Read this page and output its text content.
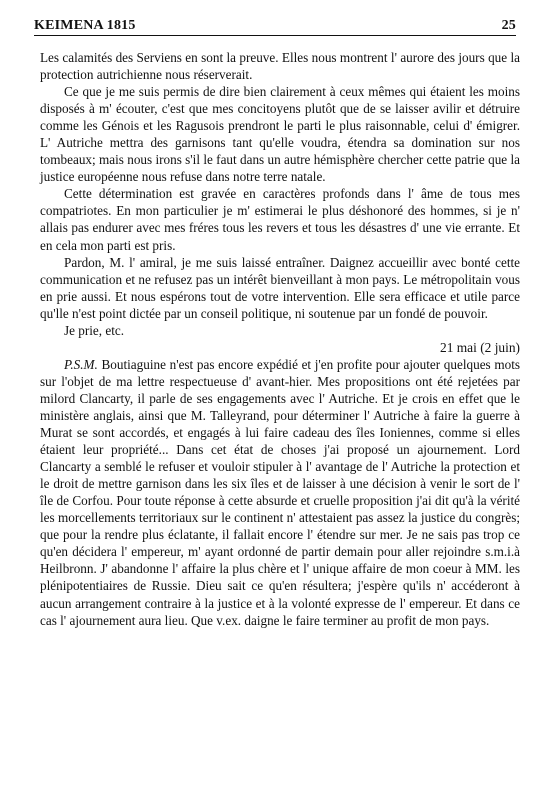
KEIMENA 1815	25

Les calamités des Serviens en sont la preuve. Elles nous montrent l' aurore des jours que la protection autrichienne nous réserverait.

Ce que je me suis permis de dire bien clairement à ceux mêmes qui étaient les moins disposés à m' écouter, c'est que mes concitoyens plutôt que de se laisser avilir et détruire comme les Génois et les Ragusois prendront le parti le plus raisonnable, celui d' émigrer. L' Autriche mettra des garnisons tant qu'elle voudra, étendra sa domination sur nos tombeaux; mais nous irons s'il le faut dans un autre hémisphère chercher cette patrie que la justice européenne nous refuse dans notre terre natale.

Cette détermination est gravée en caractères profonds dans l' âme de tous mes compatriotes. En mon particulier je m' estimerai le plus déshonoré des hommes, si je n' allais pas endurer avec mes fréres tous les revers et tous les désastres d' une vie errante. Et en cela mon parti est pris.

Pardon, M. l' amiral, je me suis laissé entraîner. Daignez accueillir avec bonté cette communication et ne refusez pas un intérêt bienveillant à mon pays. Le métropolitain vous en prie aussi. Et nous espérons tout de votre intervention. Elle sera efficace et utile parce qu'lle n'est point dictée par un conseil politique, ni soutenue par un fondé de pouvoir.

Je prie, etc.

21 mai (2 juin)

P.S.M. Boutiaguine n'est pas encore expédié et j'en profite pour ajouter quelques mots sur l'objet de ma lettre respectueuse d' avant-hier. Mes propositions ont été rejetées par milord Clancarty, il parle de ses engagements avec l' Autriche. Et je crois en effet que le ministère anglais, ainsi que M. Talleyrand, pour déterminer l' Autriche à faire la guerre à Murat se sont accordés, et engagés à lui faire cadeau des îles Ioniennes, comme si elles étaient leur propriété... Dans cet état de choses j'ai proposé un ajournement. Lord Clancarty a semblé le refuser et vouloir stipuler à l' avantage de l' Autriche la protection et le droit de mettre garnison dans les six îles et de laisser à une décision à venir le sort de l' île de Corfou. Pour toute réponse à cette absurde et cruelle proposition j'ai dit qu'à la vérité les morcellements territoriaux sur le continent n' attestaient pas assez la justice du congrès; que pour la rendre plus éclatante, il fallait encore l' étendre sur mer. Je ne sais pas trop ce qu'en décidera l' empereur, m' ayant ordonné de partir demain pour aller rejoindre s.m.i.à Heilbronn. J' abandonne l' affaire la plus chère et l' unique affaire de mon coeur à MM. les plénipotentiaires de Russie. Dieu sait ce qu'en résultera; j'espère qu'ils n' accéderont à aucun arrangement contraire à la justice et à la volonté expresse de l' empereur. Et dans ce cas l' ajournement aura lieu. Que v.ex. daigne le faire terminer au profit de mon pays.
